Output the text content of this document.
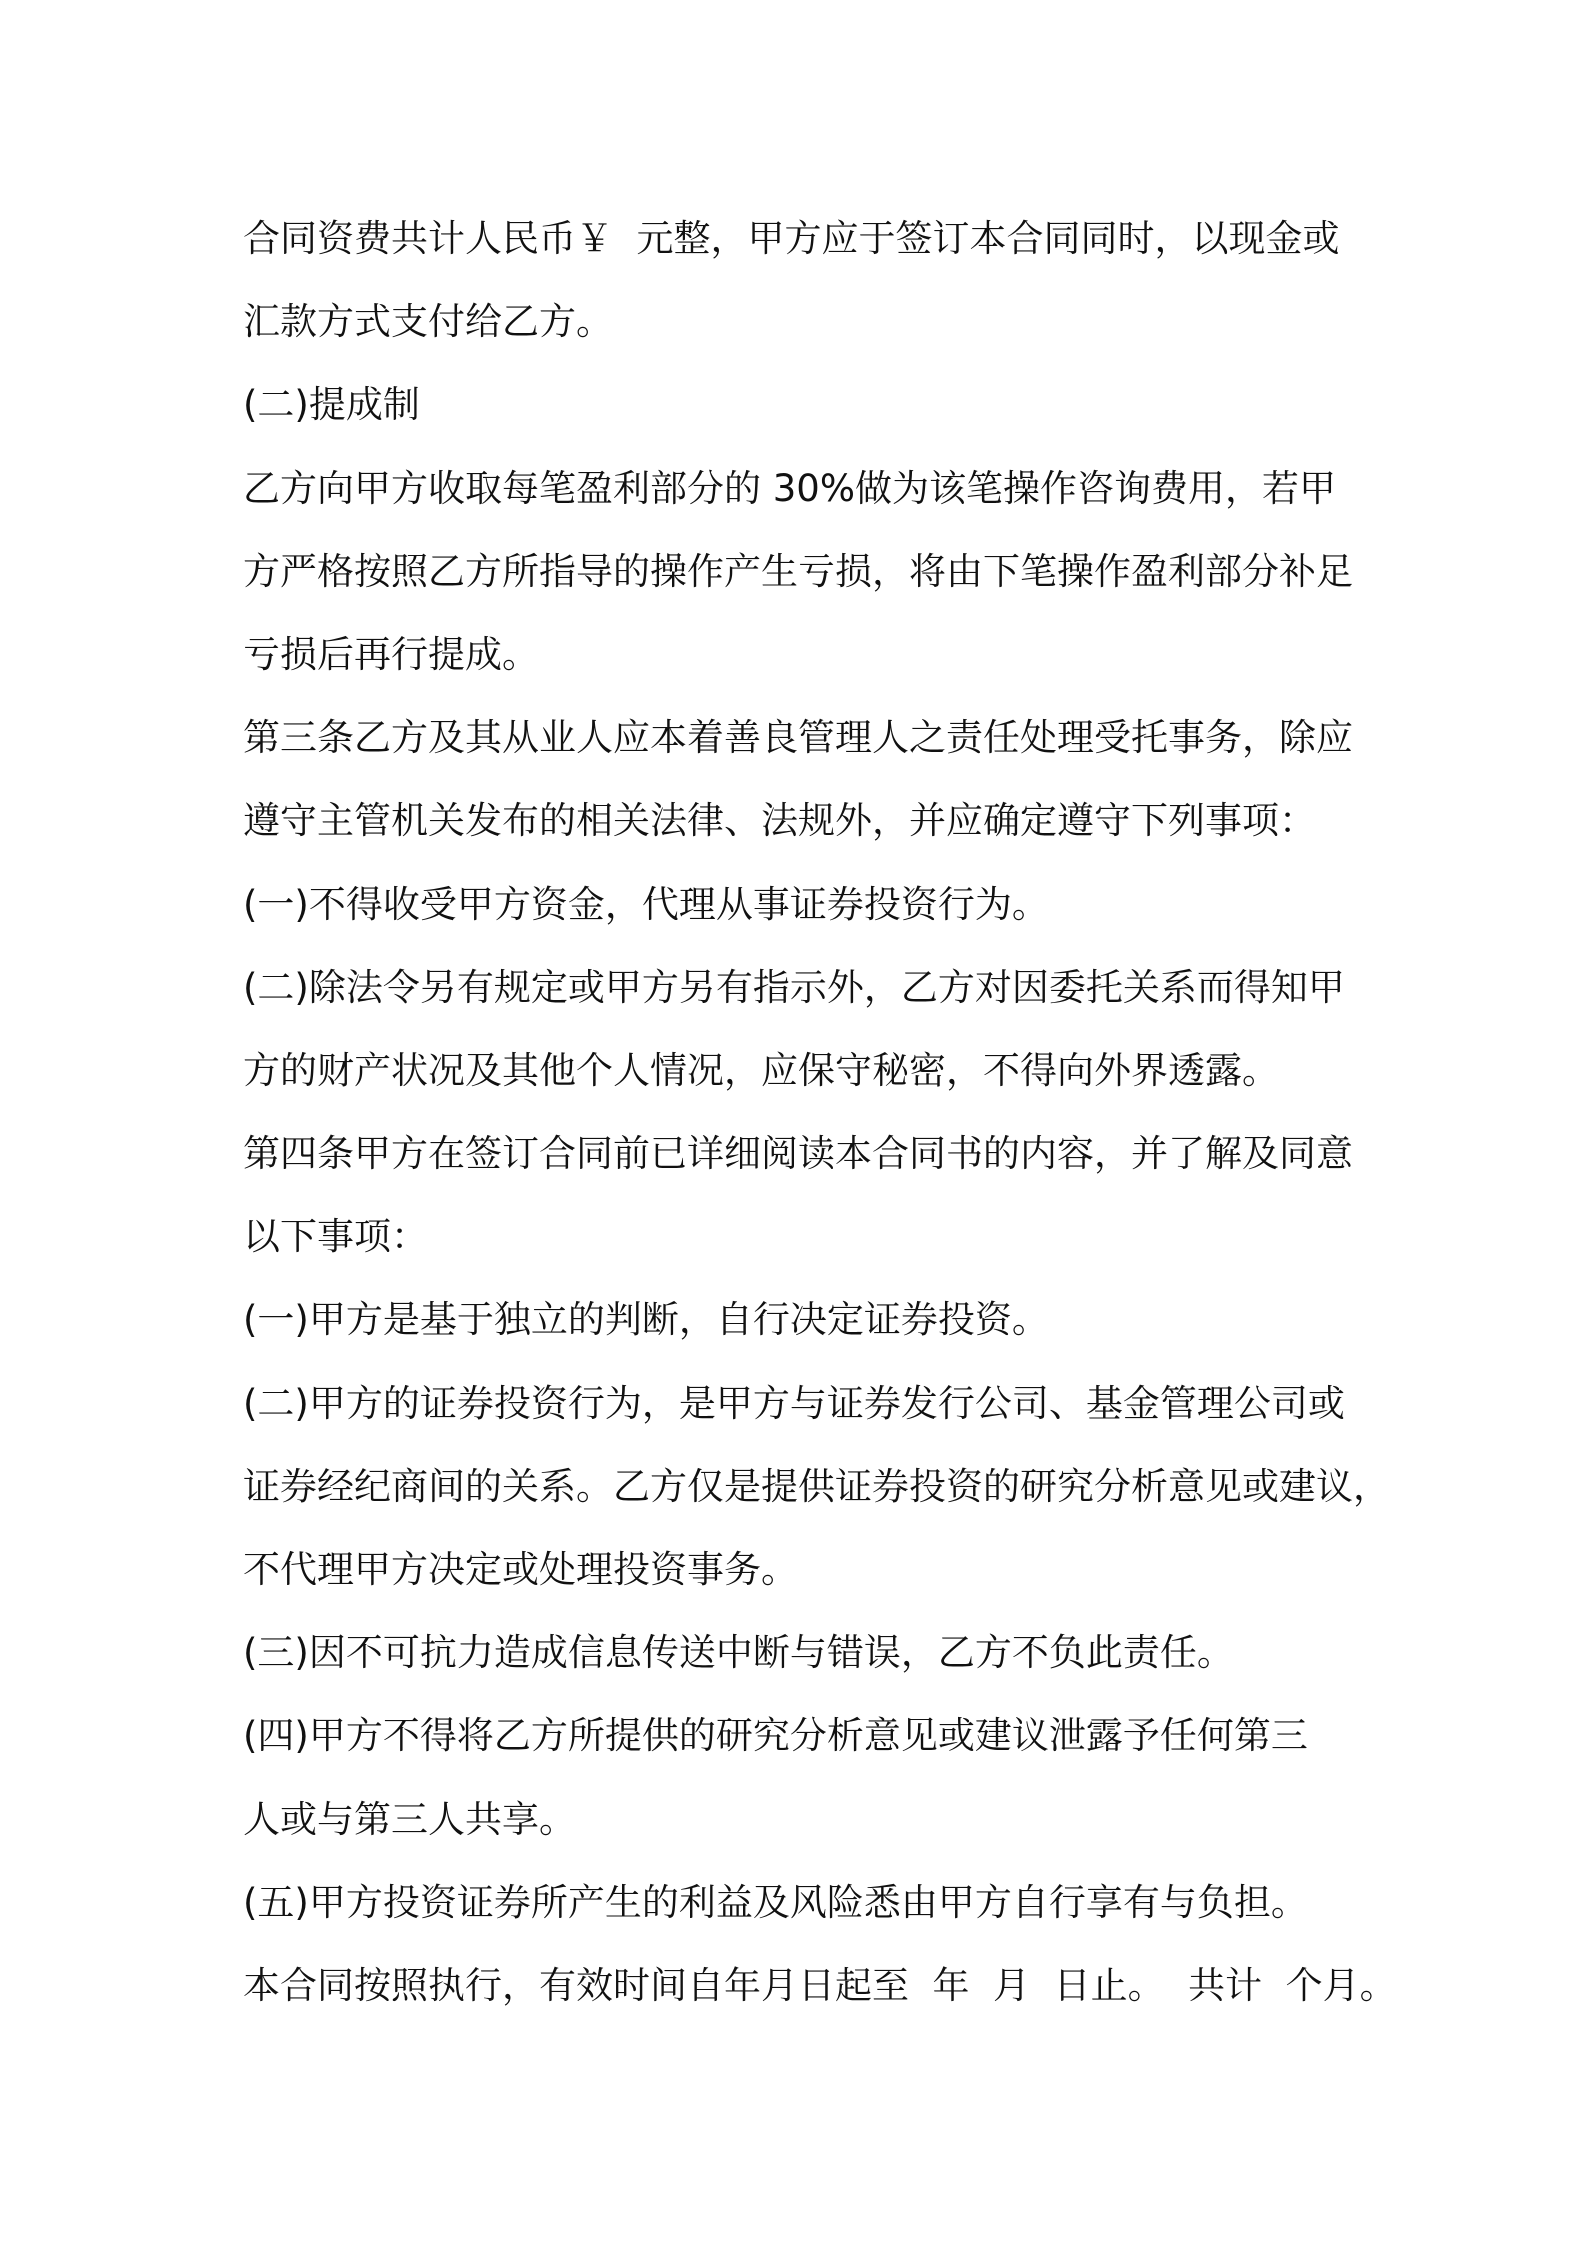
合同资费共计人民币￥  元整，甲方应于签订本合同同时，以现金或
汇款方式支付给乙方。
(二)提成制
乙方向甲方收取每笔盈利部分的 30%做为该笔操作咨询费用，若甲
方严格按照乙方所指导的操作产生亏损，将由下笔操作盈利部分补足
亏损后再行提成。
第三条乙方及其从业人应本着善良管理人之责任处理受托事务，除应
遵守主管机关发布的相关法律、法规外，并应确定遵守下列事项：
(一)不得收受甲方资金，代理从事证券投资行为。
(二)除法令另有规定或甲方另有指示外，乙方对因委托关系而得知甲
方的财产状况及其他个人情况，应保守秘密，不得向外界透露。
第四条甲方在签订合同前已详细阅读本合同书的内容，并了解及同意
以下事项：
(一)甲方是基于独立的判断，自行决定证券投资。
(二)甲方的证券投资行为，是甲方与证券发行公司、基金管理公司或
证券经纪商间的关系。乙方仅是提供证券投资的研究分析意见或建议，
不代理甲方决定或处理投资事务。
(三)因不可抗力造成信息传送中断与错误，乙方不负此责任。
(四)甲方不得将乙方所提供的研究分析意见或建议泄露予任何第三
人或与第三人共享。
(五)甲方投资证券所产生的利益及风险悉由甲方自行享有与负担。
本合同按照执行，有效时间自年月日起至  年  月  日止。  共计  个月。
